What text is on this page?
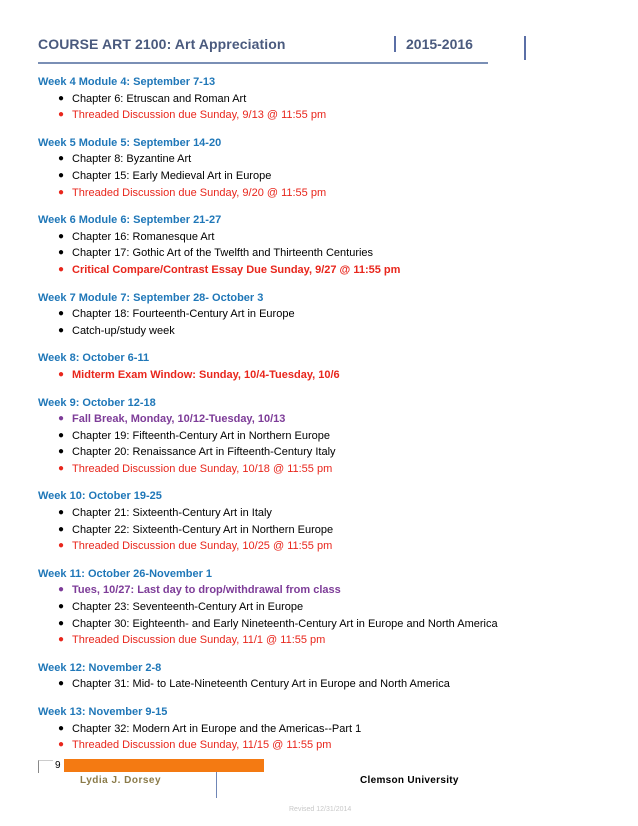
COURSE ART 2100: Art Appreciation	2015-2016
Week 4 Module 4: September 7-13
● Chapter 6: Etruscan and Roman Art
● Threaded Discussion due Sunday, 9/13 @ 11:55 pm
Week 5 Module 5: September 14-20
● Chapter 8: Byzantine Art
● Chapter 15: Early Medieval Art in Europe
● Threaded Discussion due Sunday, 9/20 @ 11:55 pm
Week 6 Module 6: September 21-27
● Chapter 16: Romanesque Art
● Chapter 17: Gothic Art of the Twelfth and Thirteenth Centuries
● Critical Compare/Contrast Essay Due Sunday, 9/27 @ 11:55 pm
Week 7 Module 7: September 28- October 3
● Chapter 18: Fourteenth-Century Art in Europe
● Catch-up/study week
Week 8: October 6-11
● Midterm Exam Window: Sunday, 10/4-Tuesday, 10/6
Week 9: October 12-18
● Fall Break, Monday, 10/12-Tuesday, 10/13
● Chapter 19: Fifteenth-Century Art in Northern Europe
● Chapter 20: Renaissance Art in Fifteenth-Century Italy
● Threaded Discussion due Sunday, 10/18 @ 11:55 pm
Week 10: October 19-25
● Chapter 21: Sixteenth-Century Art in Italy
● Chapter 22: Sixteenth-Century Art in Northern Europe
● Threaded Discussion due Sunday, 10/25 @ 11:55 pm
Week 11: October 26-November 1
● Tues, 10/27: Last day to drop/withdrawal from class
● Chapter 23: Seventeenth-Century Art in Europe
● Chapter 30: Eighteenth- and Early Nineteenth-Century Art in Europe and North America
● Threaded Discussion due Sunday, 11/1 @ 11:55 pm
Week 12: November 2-8
● Chapter 31: Mid- to Late-Nineteenth Century Art in Europe and North America
Week 13: November 9-15
● Chapter 32: Modern Art in Europe and the Americas--Part 1
● Threaded Discussion due Sunday, 11/15 @ 11:55 pm
9
Lydia J. Dorsey	Clemson University
Revised 12/31/2014
